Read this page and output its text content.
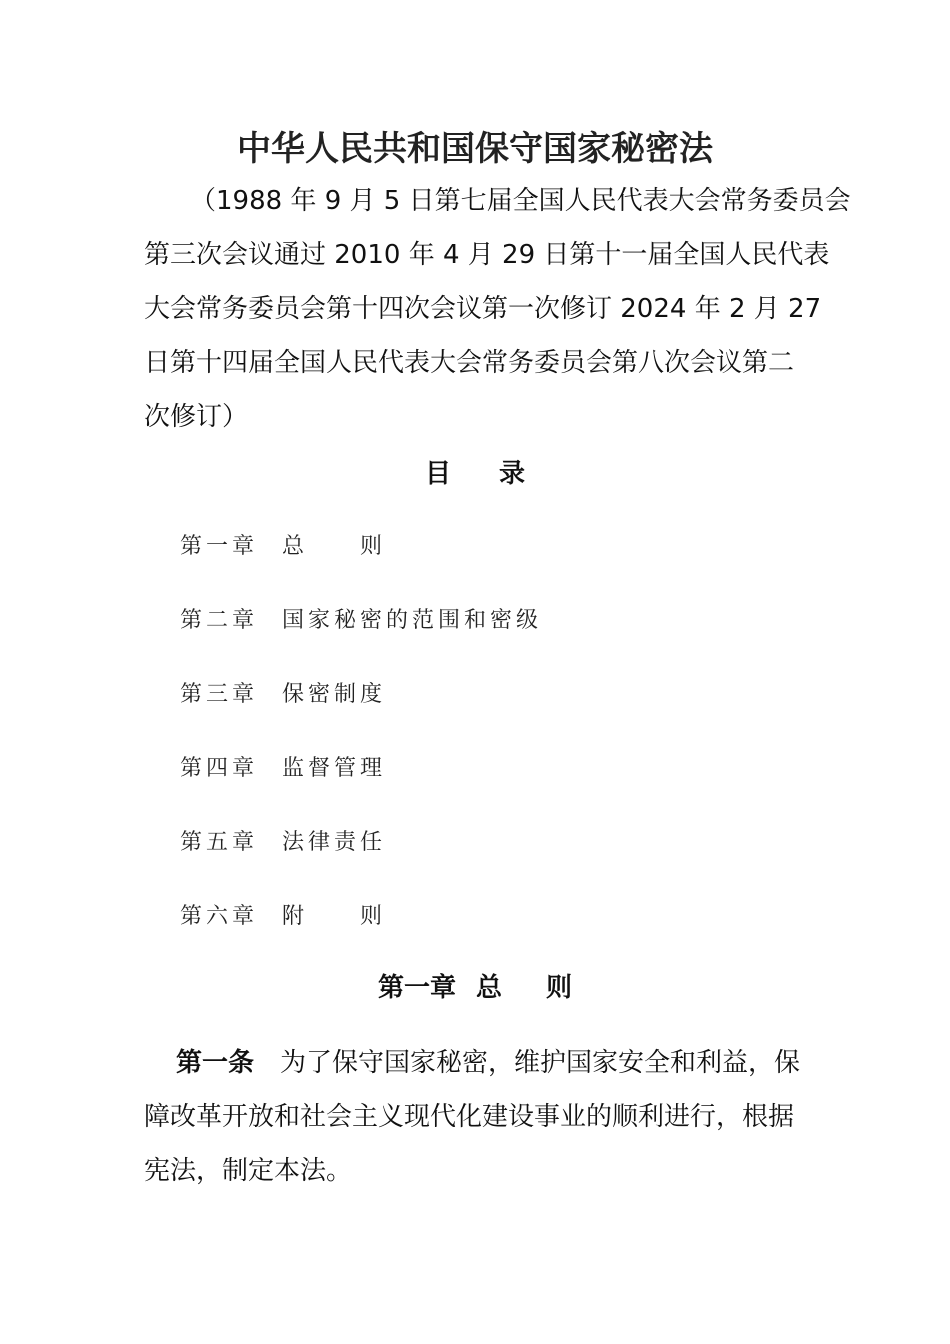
中华人民共和国保守国家秘密法
（1988 年 9 月 5 日第七届全国人民代表大会常务委员会
第三次会议通过 2010 年 4 月 29 日第十一届全国人民代表
大会常务委员会第十四次会议第一次修订 2024 年 2 月 27
日第十四届全国人民代表大会常务委员会第八次会议第二
次修订）
目 录
第一章 总　　则
第二章 国家秘密的范围和密级
第三章 保密制度
第四章 监督管理
第五章 法律责任
第六章 附　　则
第一章 总 则
第一条 为了保守国家秘密，维护国家安全和利益，保
障改革开放和社会主义现代化建设事业的顺利进行，根据
宪法，制定本法。
